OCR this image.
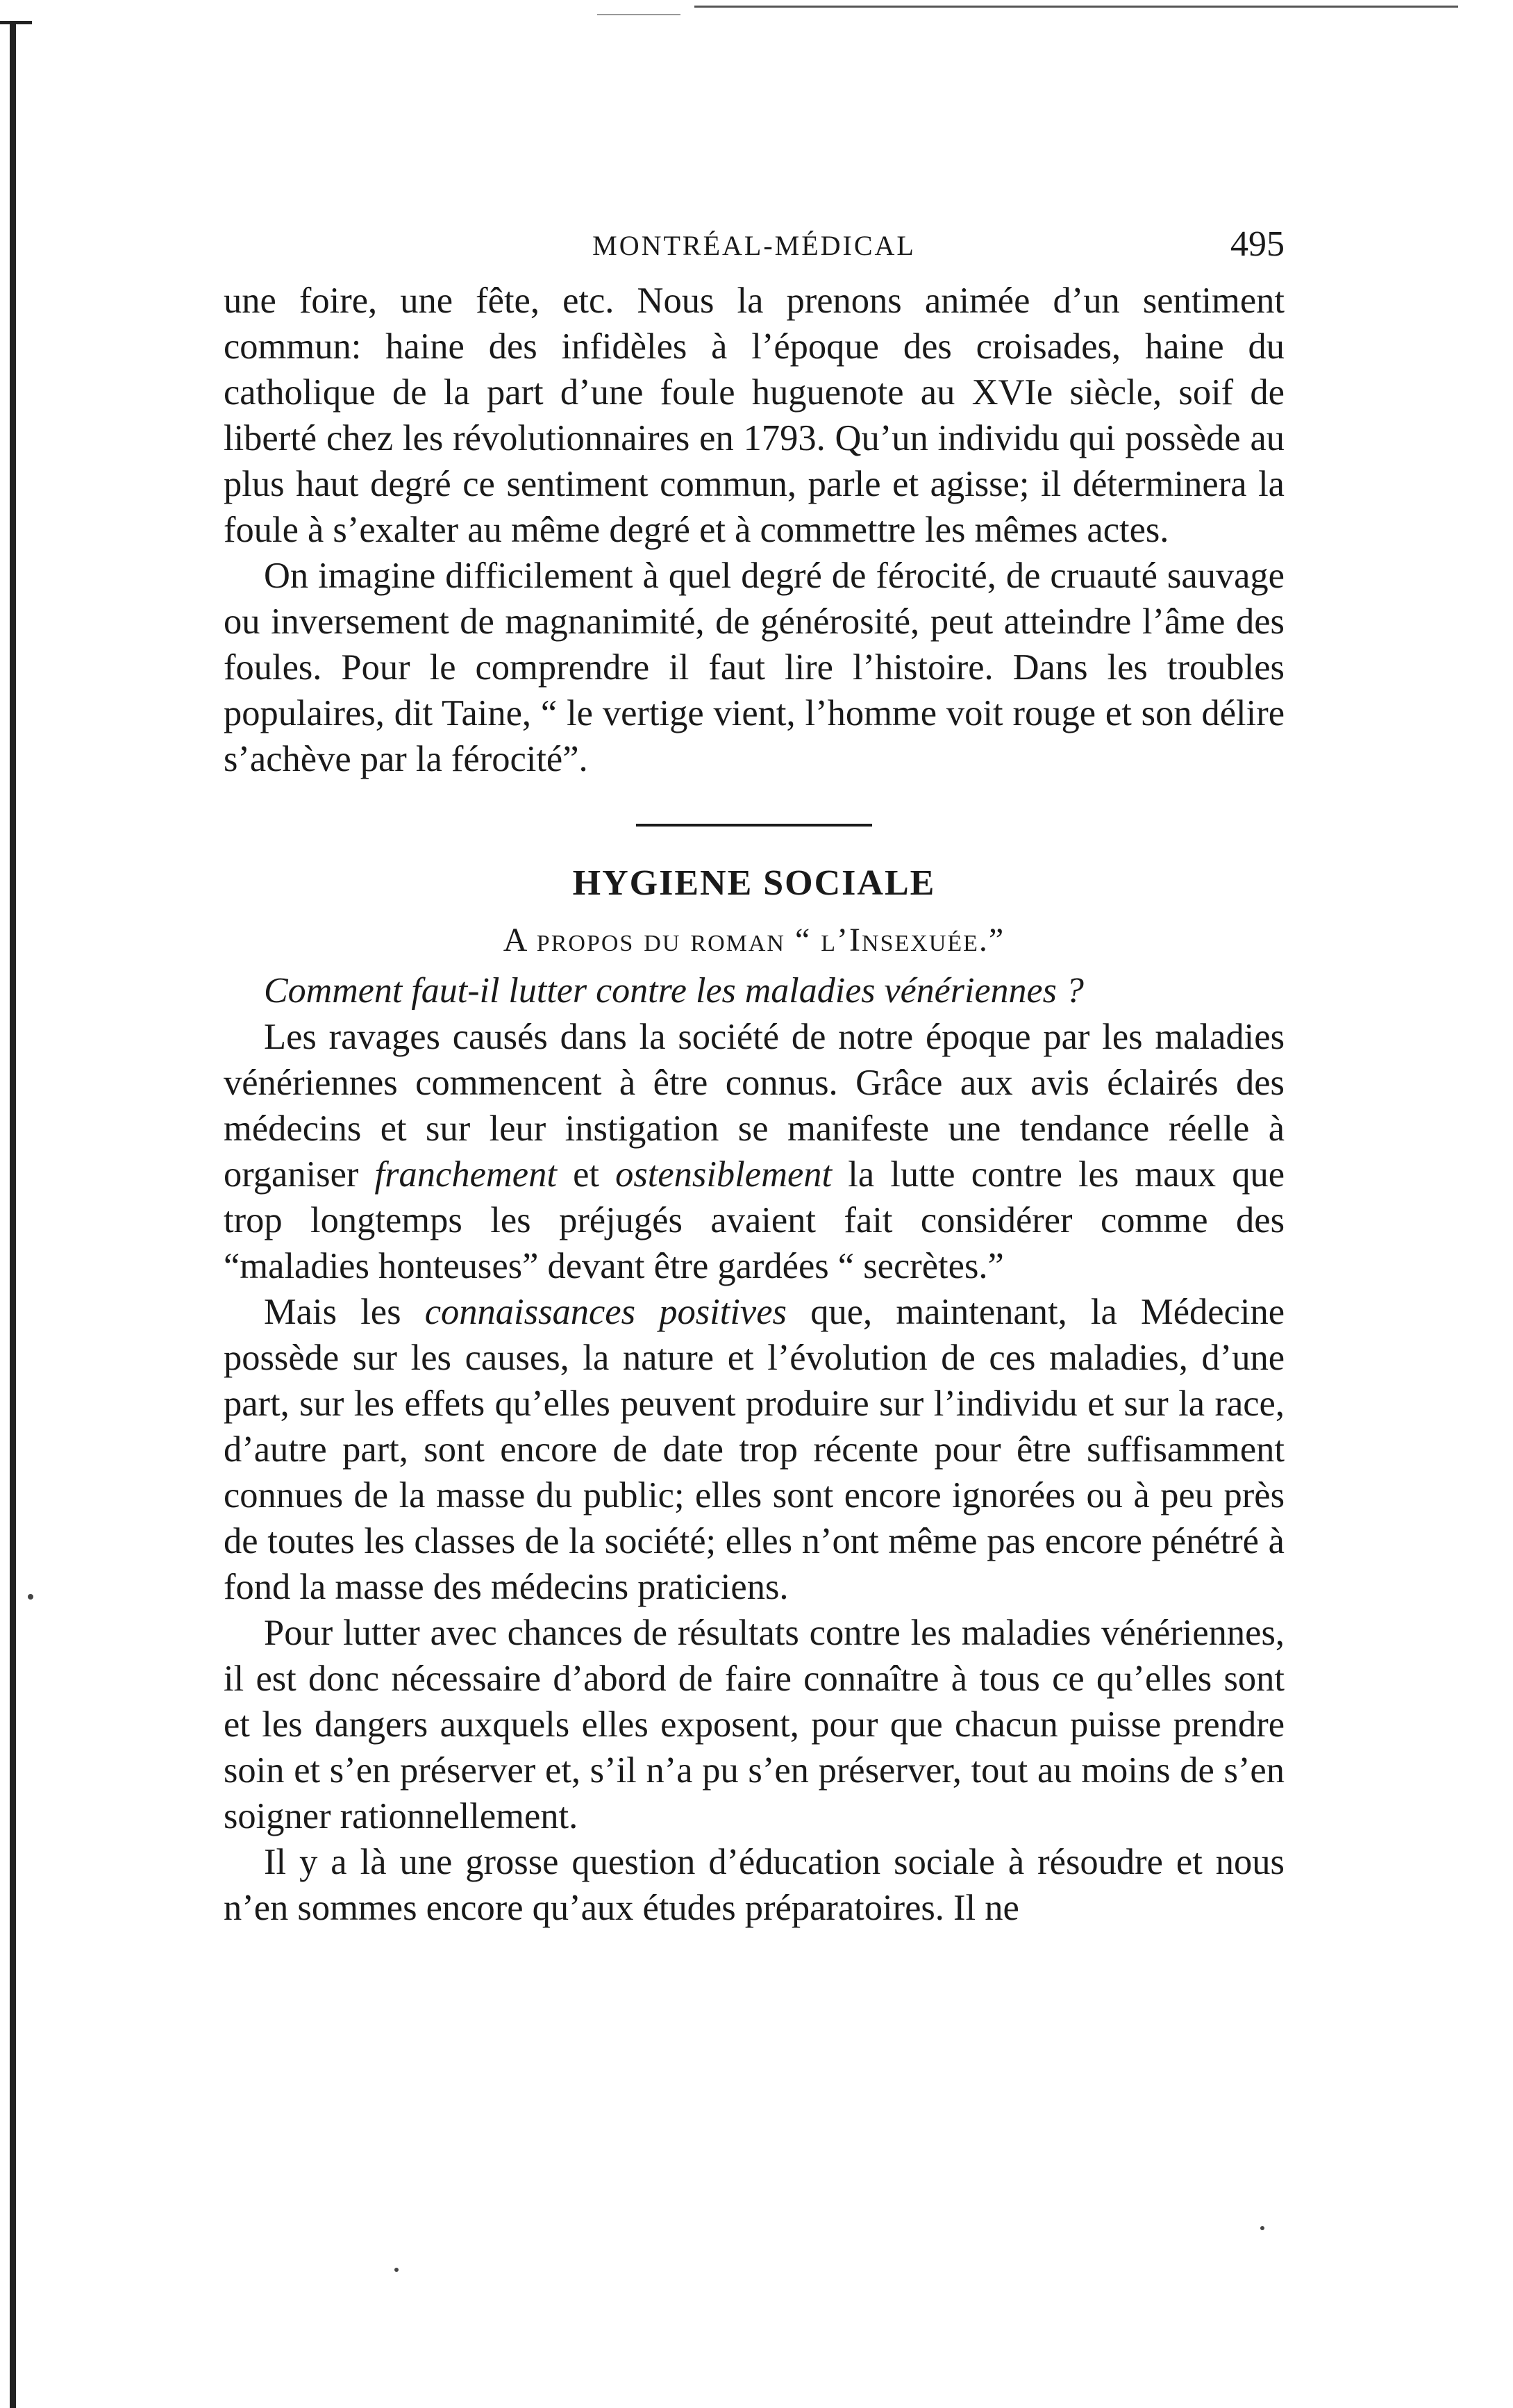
MONTRÉAL-MÉDICAL	495

une foire, une fête, etc. Nous la prenons animée d’un sentiment commun: haine des infidèles à l’époque des croisades, haine du catholique de la part d’une foule huguenote au XVIe siècle, soif de liberté chez les révolutionnaires en 1793. Qu’un individu qui possède au plus haut degré ce sentiment commun, parle et agisse; il déterminera la foule à s’exalter au même degré et à commettre les mêmes actes.

On imagine difficilement à quel degré de férocité, de cruauté sauvage ou inversement de magnanimité, de générosité, peut atteindre l’âme des foules. Pour le comprendre il faut lire l’histoire. Dans les troubles populaires, dit Taine, “ le vertige vient, l’homme voit rouge et son délire s’achève par la férocité”.

HYGIENE SOCIALE
A propos du roman “ l’Insexuée.”

Comment faut-il lutter contre les maladies vénériennes ?

Les ravages causés dans la société de notre époque par les maladies vénériennes commencent à être connus. Grâce aux avis éclairés des médecins et sur leur instigation se manifeste une tendance réelle à organiser franchement et ostensiblement la lutte contre les maux que trop longtemps les préjugés avaient fait considérer comme des “maladies honteuses” devant être gardées “ secrètes.”

Mais les connaissances positives que, maintenant, la Médecine possède sur les causes, la nature et l’évolution de ces maladies, d’une part, sur les effets qu’elles peuvent produire sur l’individu et sur la race, d’autre part, sont encore de date trop récente pour être suffisamment connues de la masse du public; elles sont encore ignorées ou à peu près de toutes les classes de la société; elles n’ont même pas encore pénétré à fond la masse des médecins praticiens.

Pour lutter avec chances de résultats contre les maladies vénériennes, il est donc nécessaire d’abord de faire connaître à tous ce qu’elles sont et les dangers auxquels elles exposent, pour que chacun puisse prendre soin et s’en préserver et, s’il n’a pu s’en préserver, tout au moins de s’en soigner rationnellement.

Il y a là une grosse question d’éducation sociale à résoudre et nous n’en sommes encore qu’aux études préparatoires. Il ne
